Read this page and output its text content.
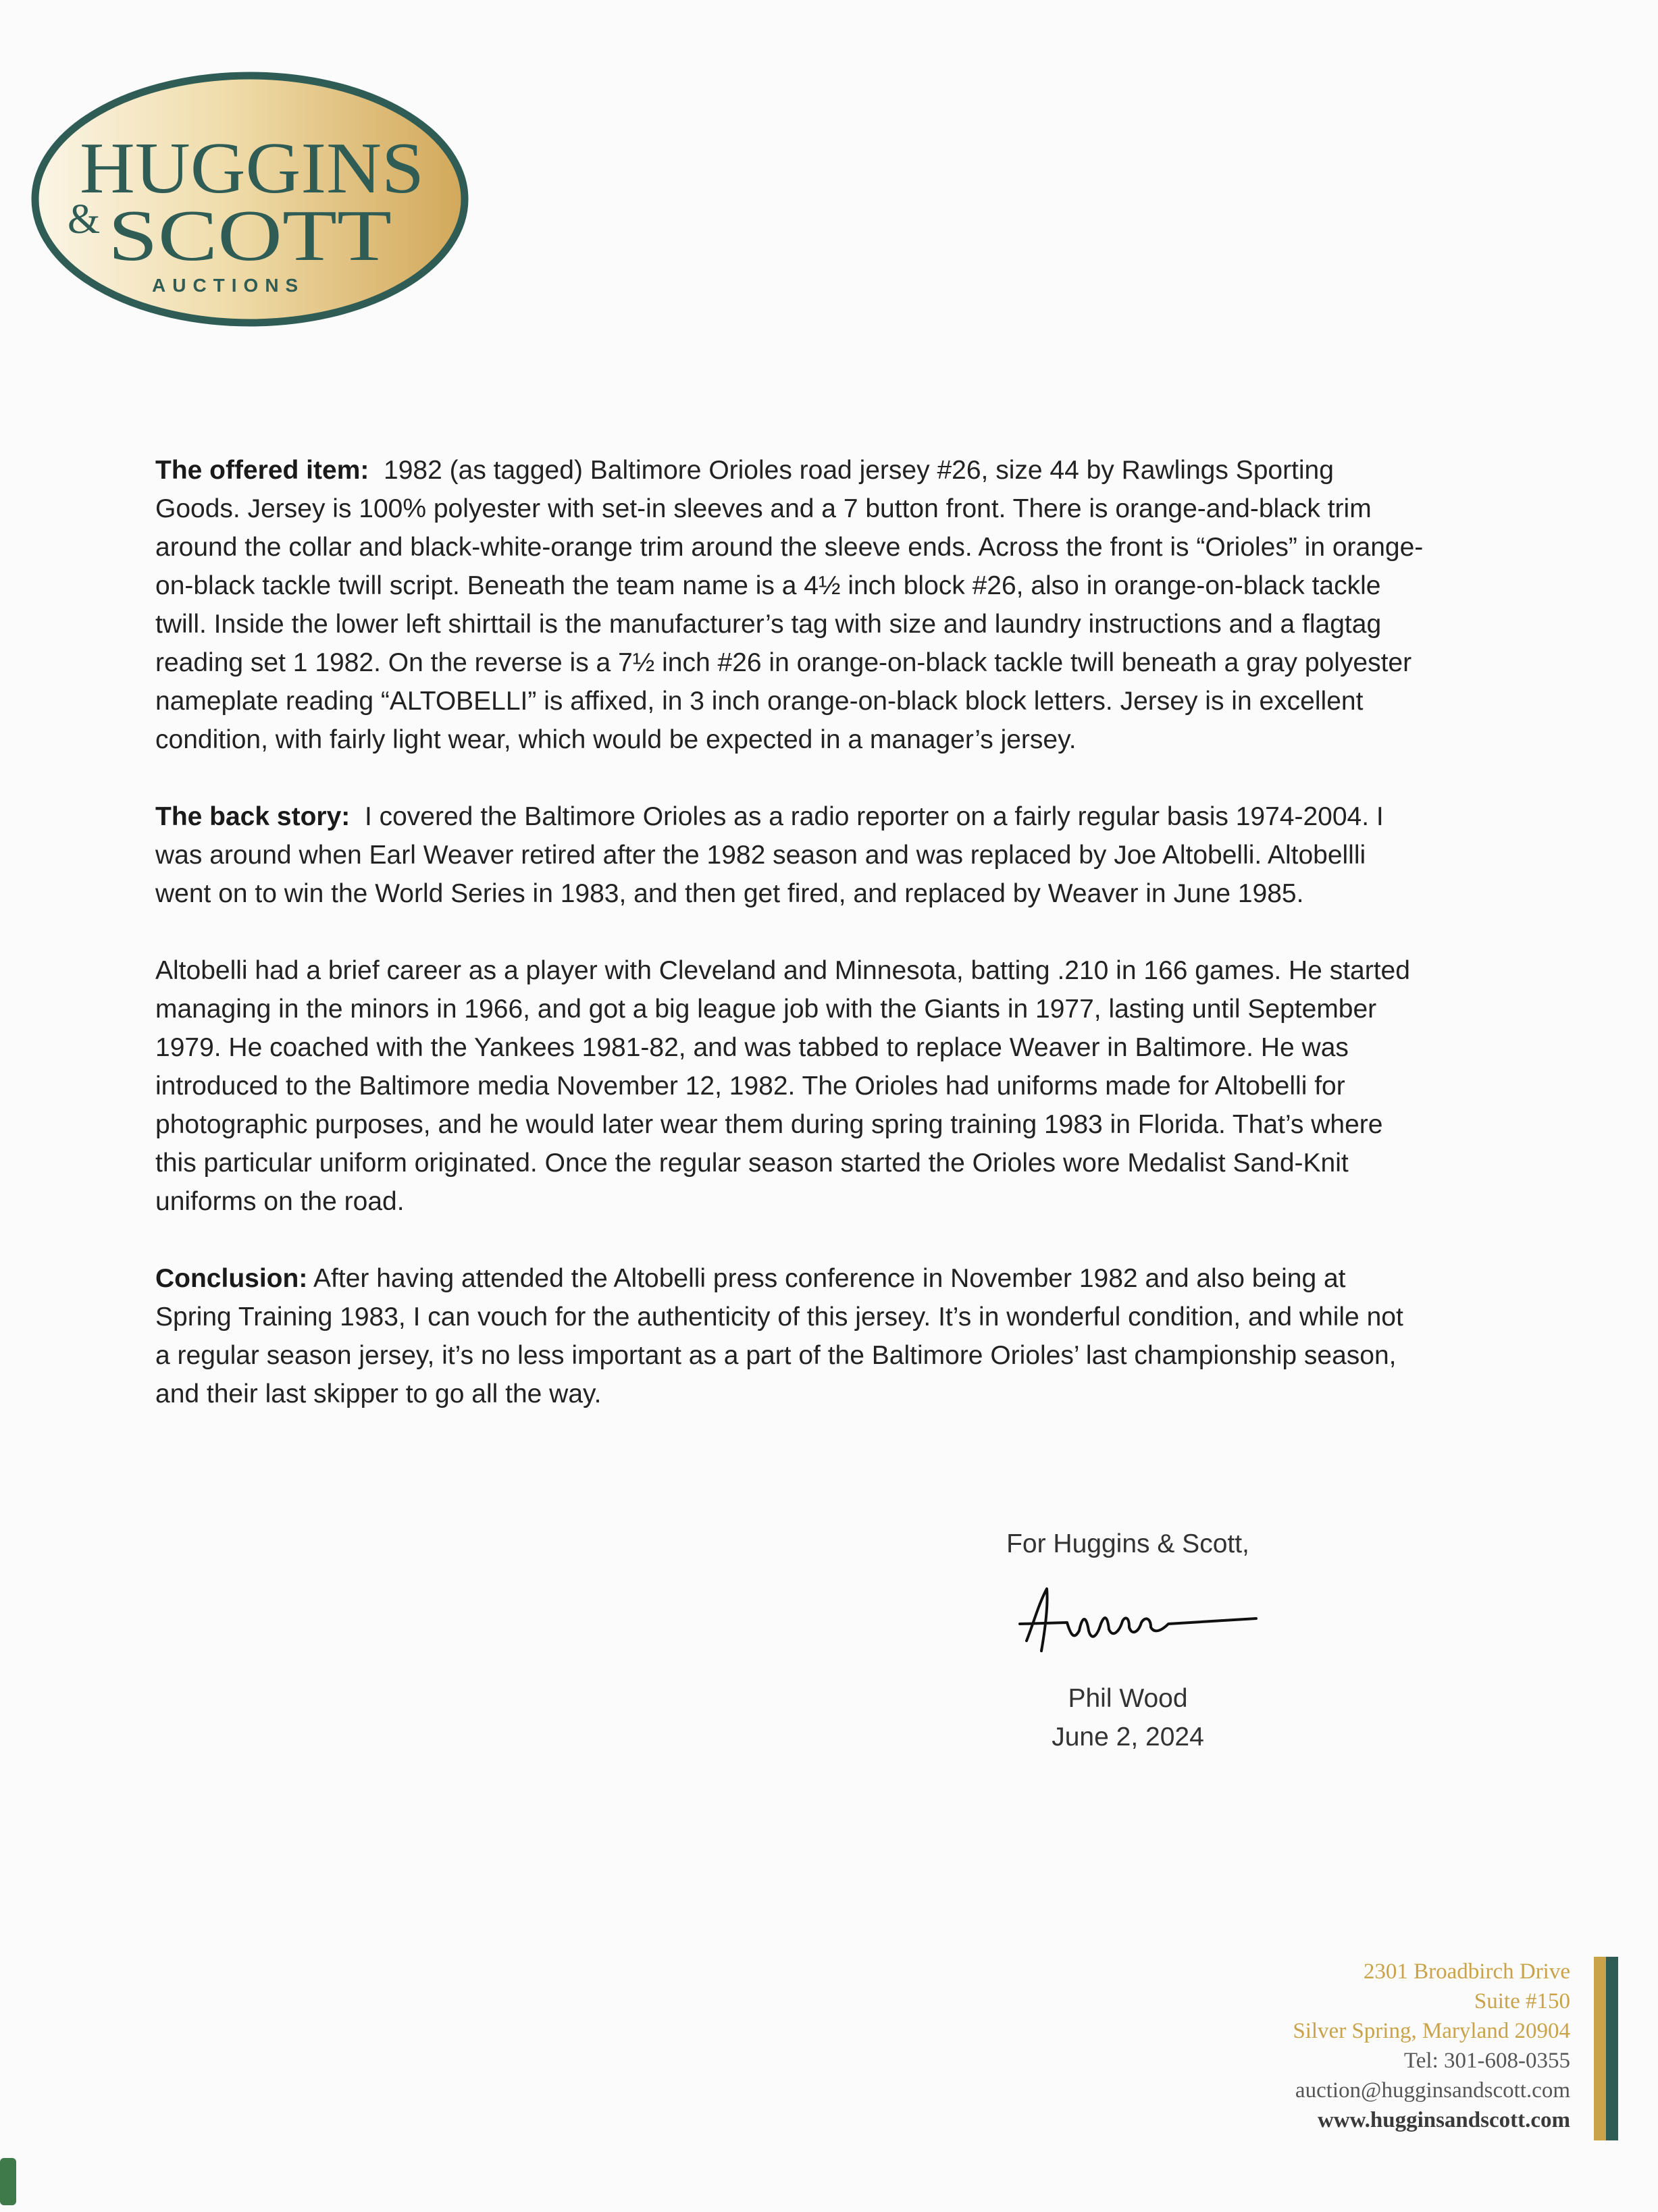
HUGGINS
& SCOTT
AUCTIONS

The offered item: 1982 (as tagged) Baltimore Orioles road jersey #26, size 44 by Rawlings Sporting Goods. Jersey is 100% polyester with set-in sleeves and a 7 button front. There is orange-and-black trim around the collar and black-white-orange trim around the sleeve ends. Across the front is “Orioles” in orange-on-black tackle twill script. Beneath the team name is a 4½ inch block #26, also in orange-on-black tackle twill. Inside the lower left shirttail is the manufacturer’s tag with size and laundry instructions and a flagtag reading set 1 1982. On the reverse is a 7½ inch #26 in orange-on-black tackle twill beneath a gray polyester nameplate reading “ALTOBELLI” is affixed, in 3 inch orange-on-black block letters. Jersey is in excellent condition, with fairly light wear, which would be expected in a manager’s jersey.

The back story: I covered the Baltimore Orioles as a radio reporter on a fairly regular basis 1974-2004. I was around when Earl Weaver retired after the 1982 season and was replaced by Joe Altobelli. Altobellli went on to win the World Series in 1983, and then get fired, and replaced by Weaver in June 1985.

Altobelli had a brief career as a player with Cleveland and Minnesota, batting .210 in 166 games. He started managing in the minors in 1966, and got a big league job with the Giants in 1977, lasting until September 1979. He coached with the Yankees 1981-82, and was tabbed to replace Weaver in Baltimore. He was introduced to the Baltimore media November 12, 1982. The Orioles had uniforms made for Altobelli for photographic purposes, and he would later wear them during spring training 1983 in Florida. That’s where this particular uniform originated. Once the regular season started the Orioles wore Medalist Sand-Knit uniforms on the road.

Conclusion: After having attended the Altobelli press conference in November 1982 and also being at Spring Training 1983, I can vouch for the authenticity of this jersey. It’s in wonderful condition, and while not a regular season jersey, it’s no less important as a part of the Baltimore Orioles’ last championship season, and their last skipper to go all the way.

For Huggins & Scott,
Phil Wood
June 2, 2024
2301 Broadbirch Drive
Suite #150
Silver Spring, Maryland 20904
Tel: 301-608-0355
auction@hugginsandscott.com
www.hugginsandscott.com
